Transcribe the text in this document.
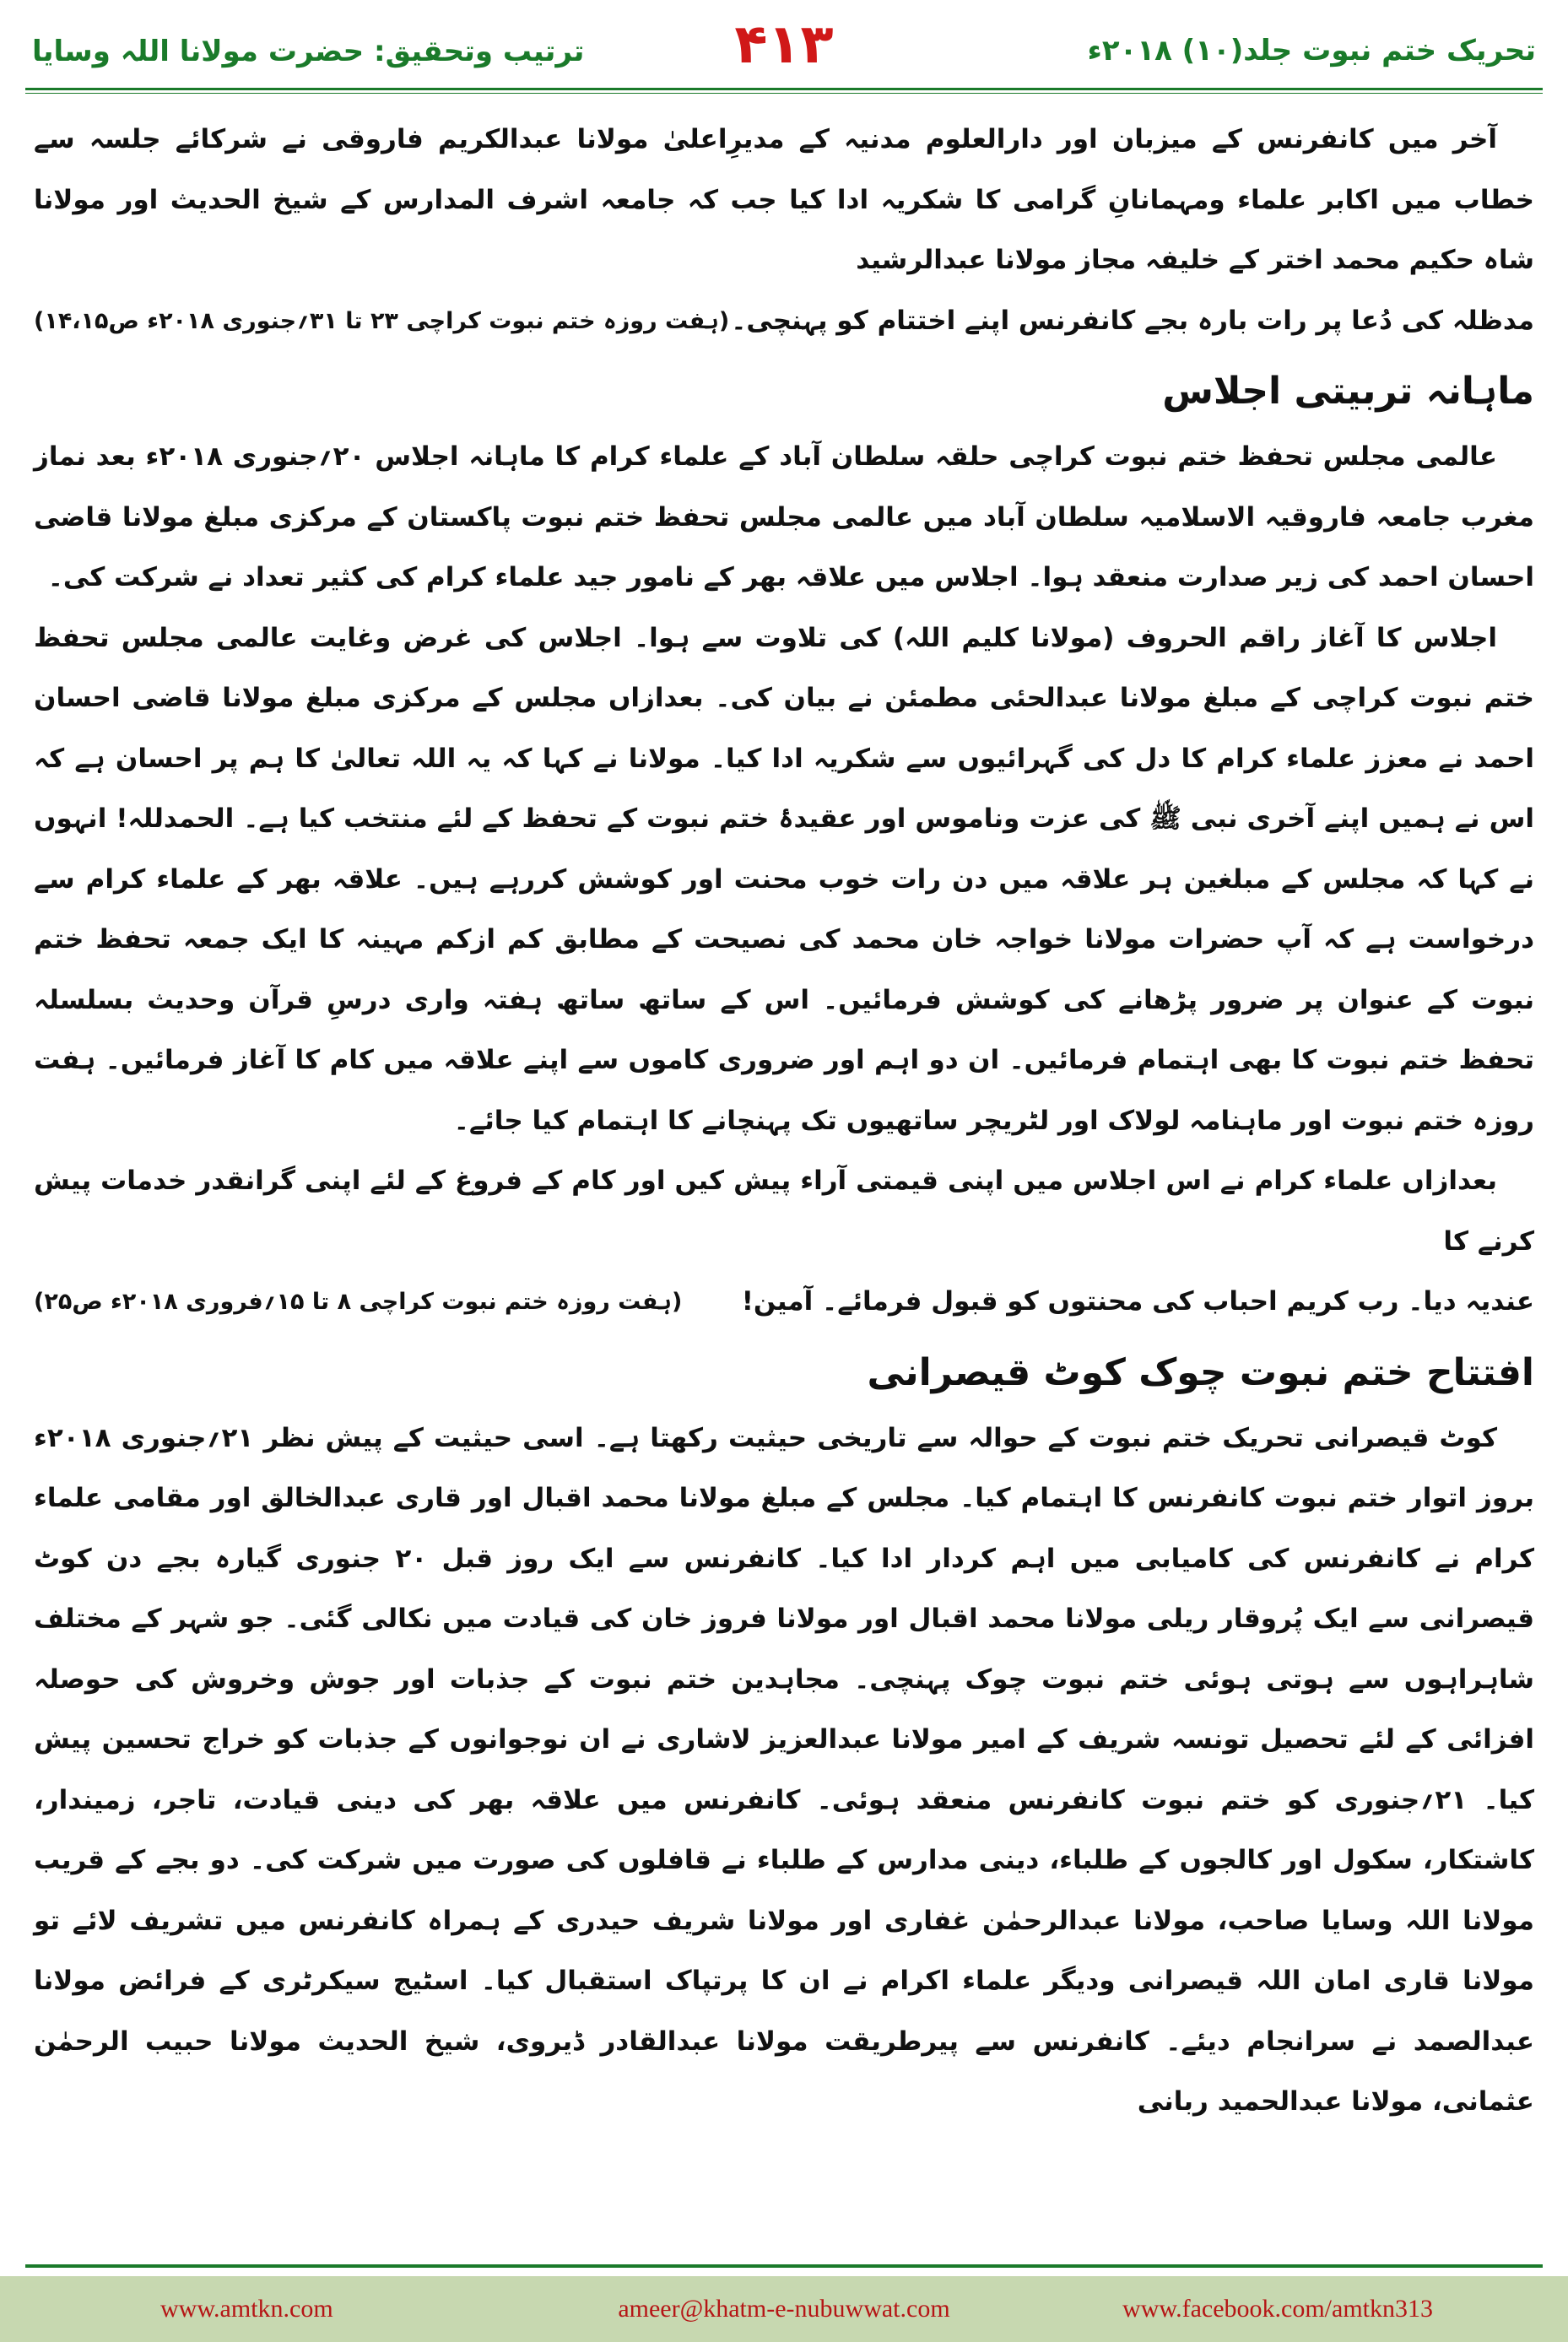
ترتیب وتحقیق: حضرت مولانا اللہ وسایا	۴۱۳	تحریک ختم نبوت جلد(۱۰) ۲۰۱۸ء

آخر میں کانفرنس کے میزبان اور دارالعلوم مدنیہ کے مدیرِاعلیٰ مولانا عبدالکریم فاروقی نے شرکائے جلسہ سے خطاب میں اکابر علماء ومہمانانِ گرامی کا شکریہ ادا کیا جب کہ جامعہ اشرف المدارس کے شیخ الحدیث اور مولانا شاہ حکیم محمد اختر کے خلیفہ مجاز مولانا عبدالرشید

مدظلہ کی دُعا پر رات بارہ بجے کانفرنس اپنے اختتام کو پہنچی۔
(ہفت روزہ ختم نبوت کراچی ۲۳ تا ۳۱؍جنوری ۲۰۱۸ء ص۱۴،۱۵)
ماہانہ تربیتی اجلاس

عالمی مجلس تحفظ ختم نبوت کراچی حلقہ سلطان آباد کے علماء کرام کا ماہانہ اجلاس ۲۰؍جنوری ۲۰۱۸ء بعد نماز مغرب جامعہ فاروقیہ الاسلامیہ سلطان آباد میں عالمی مجلس تحفظ ختم نبوت پاکستان کے مرکزی مبلغ مولانا قاضی احسان احمد کی زیر صدارت منعقد ہوا۔ اجلاس میں علاقہ بھر کے نامور جید علماء کرام کی کثیر تعداد نے شرکت کی۔

اجلاس کا آغاز راقم الحروف (مولانا کلیم اللہ) کی تلاوت سے ہوا۔ اجلاس کی غرض وغایت عالمی مجلس تحفظ ختم نبوت کراچی کے مبلغ مولانا عبدالحئی مطمئن نے بیان کی۔ بعدازاں مجلس کے مرکزی مبلغ مولانا قاضی احسان احمد نے معزز علماء کرام کا دل کی گہرائیوں سے شکریہ ادا کیا۔ مولانا نے کہا کہ یہ اللہ تعالیٰ کا ہم پر احسان ہے کہ اس نے ہمیں اپنے آخری نبی ﷺ کی عزت وناموس اور عقیدۂ ختم نبوت کے تحفظ کے لئے منتخب کیا ہے۔ الحمدللہ! انہوں نے کہا کہ مجلس کے مبلغین ہر علاقہ میں دن رات خوب محنت اور کوشش کررہے ہیں۔ علاقہ بھر کے علماء کرام سے درخواست ہے کہ آپ حضرات مولانا خواجہ خان محمد کی نصیحت کے مطابق کم ازکم مہینہ کا ایک جمعہ تحفظ ختم نبوت کے عنوان پر ضرور پڑھانے کی کوشش فرمائیں۔ اس کے ساتھ ساتھ ہفتہ واری درسِ قرآن وحدیث بسلسلہ تحفظ ختم نبوت کا بھی اہتمام فرمائیں۔ ان دو اہم اور ضروری کاموں سے اپنے علاقہ میں کام کا آغاز فرمائیں۔ ہفت روزہ ختم نبوت اور ماہنامہ لولاک اور لٹریچر ساتھیوں تک پہنچانے کا اہتمام کیا جائے۔

بعدازاں علماء کرام نے اس اجلاس میں اپنی قیمتی آراء پیش کیں اور کام کے فروغ کے لئے اپنی گرانقدر خدمات پیش کرنے کا

عندیہ دیا۔ رب کریم احباب کی محنتوں کو قبول فرمائے۔ آمین!
(ہفت روزہ ختم نبوت کراچی ۸ تا ۱۵؍فروری ۲۰۱۸ء ص۲۵)
افتتاح ختم نبوت چوک کوٹ قیصرانی

کوٹ قیصرانی تحریک ختم نبوت کے حوالہ سے تاریخی حیثیت رکھتا ہے۔ اسی حیثیت کے پیش نظر ۲۱؍جنوری ۲۰۱۸ء بروز اتوار ختم نبوت کانفرنس کا اہتمام کیا۔ مجلس کے مبلغ مولانا محمد اقبال اور قاری عبدالخالق اور مقامی علماء کرام نے کانفرنس کی کامیابی میں اہم کردار ادا کیا۔ کانفرنس سے ایک روز قبل ۲۰ جنوری گیارہ بجے دن کوٹ قیصرانی سے ایک پُروقار ریلی مولانا محمد اقبال اور مولانا فروز خان کی قیادت میں نکالی گئی۔ جو شہر کے مختلف شاہراہوں سے ہوتی ہوئی ختم نبوت چوک پہنچی۔ مجاہدین ختم نبوت کے جذبات اور جوش وخروش کی حوصلہ افزائی کے لئے تحصیل تونسہ شریف کے امیر مولانا عبدالعزیز لاشاری نے ان نوجوانوں کے جذبات کو خراج تحسین پیش کیا۔ ۲۱؍جنوری کو ختم نبوت کانفرنس منعقد ہوئی۔ کانفرنس میں علاقہ بھر کی دینی قیادت، تاجر، زمیندار، کاشتکار، سکول اور کالجوں کے طلباء، دینی مدارس کے طلباء نے قافلوں کی صورت میں شرکت کی۔ دو بجے کے قریب مولانا اللہ وسایا صاحب، مولانا عبدالرحمٰن غفاری اور مولانا شریف حیدری کے ہمراہ کانفرنس میں تشریف لائے تو مولانا قاری امان اللہ قیصرانی ودیگر علماء اکرام نے ان کا پرتپاک استقبال کیا۔ اسٹیج سیکرٹری کے فرائض مولانا عبدالصمد نے سرانجام دیئے۔ کانفرنس سے پیرطریقت مولانا عبدالقادر ڈیروی، شیخ الحدیث مولانا حبیب الرحمٰن عثمانی، مولانا عبدالحمید ربانی

www.amtkn.com	ameer@khatm-e-nubuwwat.com	www.facebook.com/amtkn313
